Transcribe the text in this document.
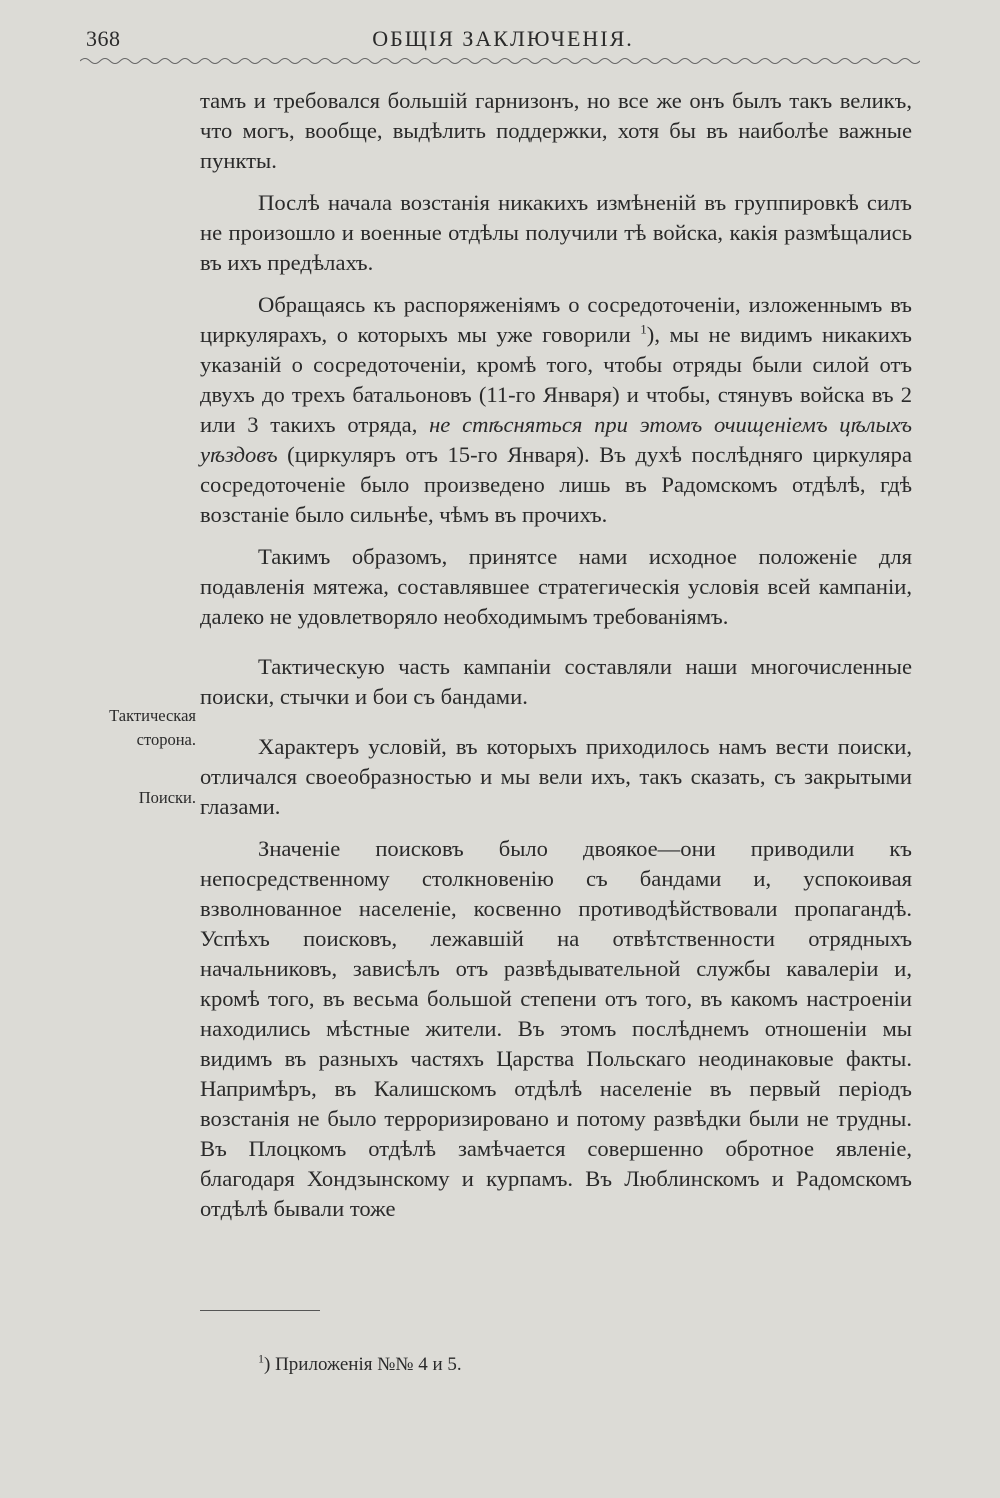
368	ОБЩІЯ ЗАКЛЮЧЕНІЯ.
Тактическая сторона.
Поиски.

тамъ и требовался большій гарнизонъ, но все же онъ былъ такъ великъ, что могъ, вообще, выдѣлить поддержки, хотя бы въ наиболѣе важные пункты.

Послѣ начала возстанія никакихъ измѣненій въ группировкѣ силъ не произошло и военные отдѣлы получили тѣ войска, какія размѣщались въ ихъ предѣлахъ.

Обращаясь къ распоряженіямъ о сосредоточеніи, изложеннымъ въ циркулярахъ, о которыхъ мы уже говорили $^1$), мы не видимъ никакихъ указаній о сосредоточеніи, кромѣ того, чтобы отряды были силой отъ двухъ до трехъ батальоновъ (11-го Января) и чтобы, стянувъ войска въ 2 или 3 такихъ отряда, не стѣсняться при этомъ очищеніемъ цѣлыхъ уѣздовъ (циркуляръ отъ 15-го Января). Въ духѣ послѣдняго циркуляра сосредоточеніе было произведено лишь въ Радомскомъ отдѣлѣ, гдѣ возстаніе было сильнѣе, чѣмъ въ прочихъ.

Такимъ образомъ, принятсе нами исходное положеніе для подавленія мятежа, составлявшее стратегическія условія всей кампаніи, далеко не удовлетворяло необходимымъ требованіямъ.

Тактическую часть кампаніи составляли наши многочисленные поиски, стычки и бои съ бандами.

Характеръ условій, въ которыхъ приходилось намъ вести поиски, отличался своеобразностью и мы вели ихъ, такъ сказать, съ закрытыми глазами.

Значеніе поисковъ было двоякое—они приводили къ непосредственному столкновенію съ бандами и, успокоивая взволнованное населеніе, косвенно противодѣйствовали пропагандѣ. Успѣхъ поисковъ, лежавшій на отвѣтственности отрядныхъ начальниковъ, зависѣлъ отъ развѣдывательной службы кавалеріи и, кромѣ того, въ весьма большой степени отъ того, въ какомъ настроеніи находились мѣстные жители. Въ этомъ послѣднемъ отношеніи мы видимъ въ разныхъ частяхъ Царства Польскаго неодинаковые факты. Напримѣръ, въ Калишскомъ отдѣлѣ населеніе въ первый періодъ возстанія не было терроризировано и потому развѣдки были не трудны. Въ Плоцкомъ отдѣлѣ замѣчается совершенно обротное явленіе, благодаря Хондзынскому и курпамъ. Въ Люблинскомъ и Радомскомъ отдѣлѣ бывали тоже

$^1$) Приложенія №№ 4 и 5.
